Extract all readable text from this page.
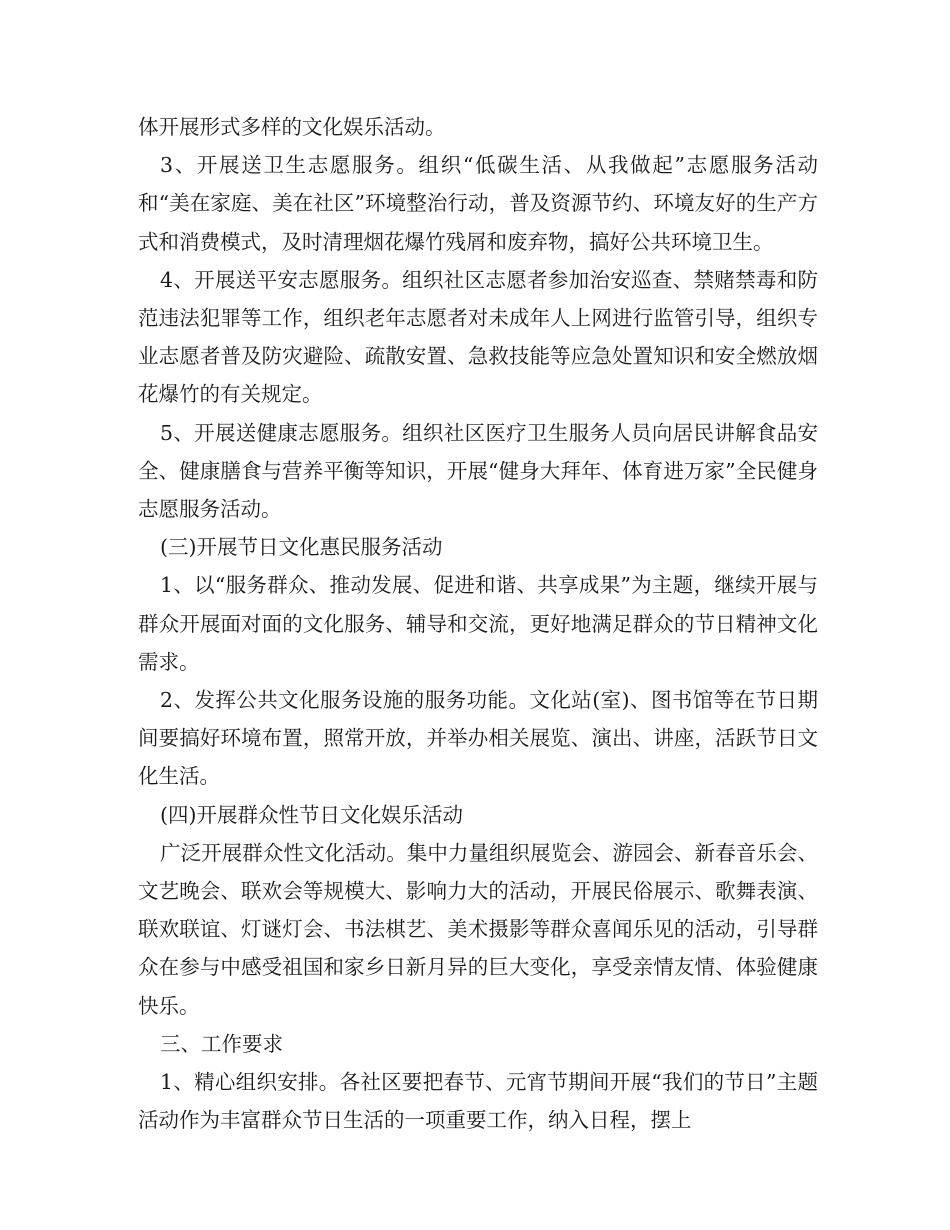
体开展形式多样的文化娱乐活动。

3、开展送卫生志愿服务。组织“低碳生活、从我做起”志愿服务活动和“美在家庭、美在社区”环境整治行动，普及资源节约、环境友好的生产方式和消费模式，及时清理烟花爆竹残屑和废弃物，搞好公共环境卫生。

4、开展送平安志愿服务。组织社区志愿者参加治安巡查、禁赌禁毒和防范违法犯罪等工作，组织老年志愿者对未成年人上网进行监管引导，组织专业志愿者普及防灾避险、疏散安置、急救技能等应急处置知识和安全燃放烟花爆竹的有关规定。

5、开展送健康志愿服务。组织社区医疗卫生服务人员向居民讲解食品安全、健康膳食与营养平衡等知识，开展“健身大拜年、体育进万家”全民健身志愿服务活动。

(三)开展节日文化惠民服务活动

1、以“服务群众、推动发展、促进和谐、共享成果”为主题，继续开展与群众开展面对面的文化服务、辅导和交流，更好地满足群众的节日精神文化需求。

2、发挥公共文化服务设施的服务功能。文化站(室)、图书馆等在节日期间要搞好环境布置，照常开放，并举办相关展览、演出、讲座，活跃节日文化生活。

(四)开展群众性节日文化娱乐活动

广泛开展群众性文化活动。集中力量组织展览会、游园会、新春音乐会、文艺晚会、联欢会等规模大、影响力大的活动，开展民俗展示、歌舞表演、联欢联谊、灯谜灯会、书法棋艺、美术摄影等群众喜闻乐见的活动，引导群众在参与中感受祖国和家乡日新月异的巨大变化，享受亲情友情、体验健康快乐。

三、工作要求

1、精心组织安排。各社区要把春节、元宵节期间开展“我们的节日”主题活动作为丰富群众节日生活的一项重要工作，纳入日程，摆上
